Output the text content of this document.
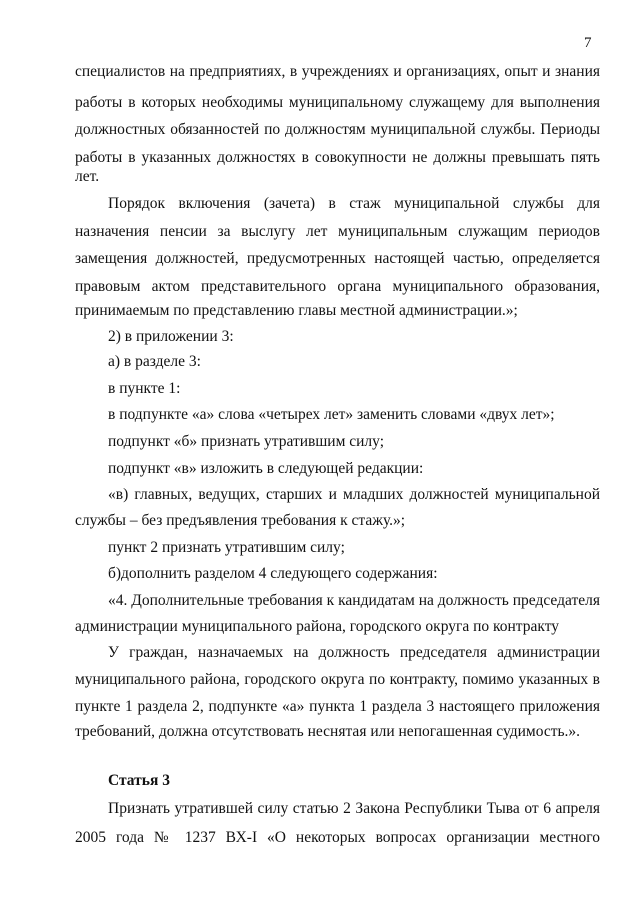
7
специалистов на предприятиях, в учреждениях и организациях, опыт и знания
работы в которых необходимы муниципальному служащему для выполнения
должностных обязанностей по должностям муниципальной службы. Периоды
работы в указанных должностях в совокупности не должны превышать пять
лет.
Порядок включения (зачета) в стаж муниципальной службы для
назначения пенсии за выслугу лет муниципальным служащим периодов
замещения должностей, предусмотренных настоящей частью, определяется
правовым актом представительного органа муниципального образования,
принимаемым по представлению главы местной администрации.»;
2) в приложении 3:
а) в разделе 3:
в пункте 1:
в подпункте «а» слова «четырех лет» заменить словами «двух лет»;
подпункт «б» признать утратившим силу;
подпункт «в» изложить в следующей редакции:
«в) главных, ведущих, старших и младших должностей муниципальной
службы – без предъявления требования к стажу.»;
пункт 2 признать утратившим силу;
б)дополнить разделом 4 следующего содержания:
«4. Дополнительные требования к кандидатам на должность председателя
администрации муниципального района, городского округа по контракту
У граждан, назначаемых на должность председателя администрации
муниципального района, городского округа по контракту, помимо указанных в
пункте 1 раздела 2, подпункте «а» пункта 1 раздела 3 настоящего приложения
требований, должна отсутствовать неснятая или непогашенная судимость.».
Статья 3
Признать утратившей силу статью 2 Закона Республики Тыва от 6 апреля
2005 года № 1237 ВХ-I «О некоторых вопросах организации местного
